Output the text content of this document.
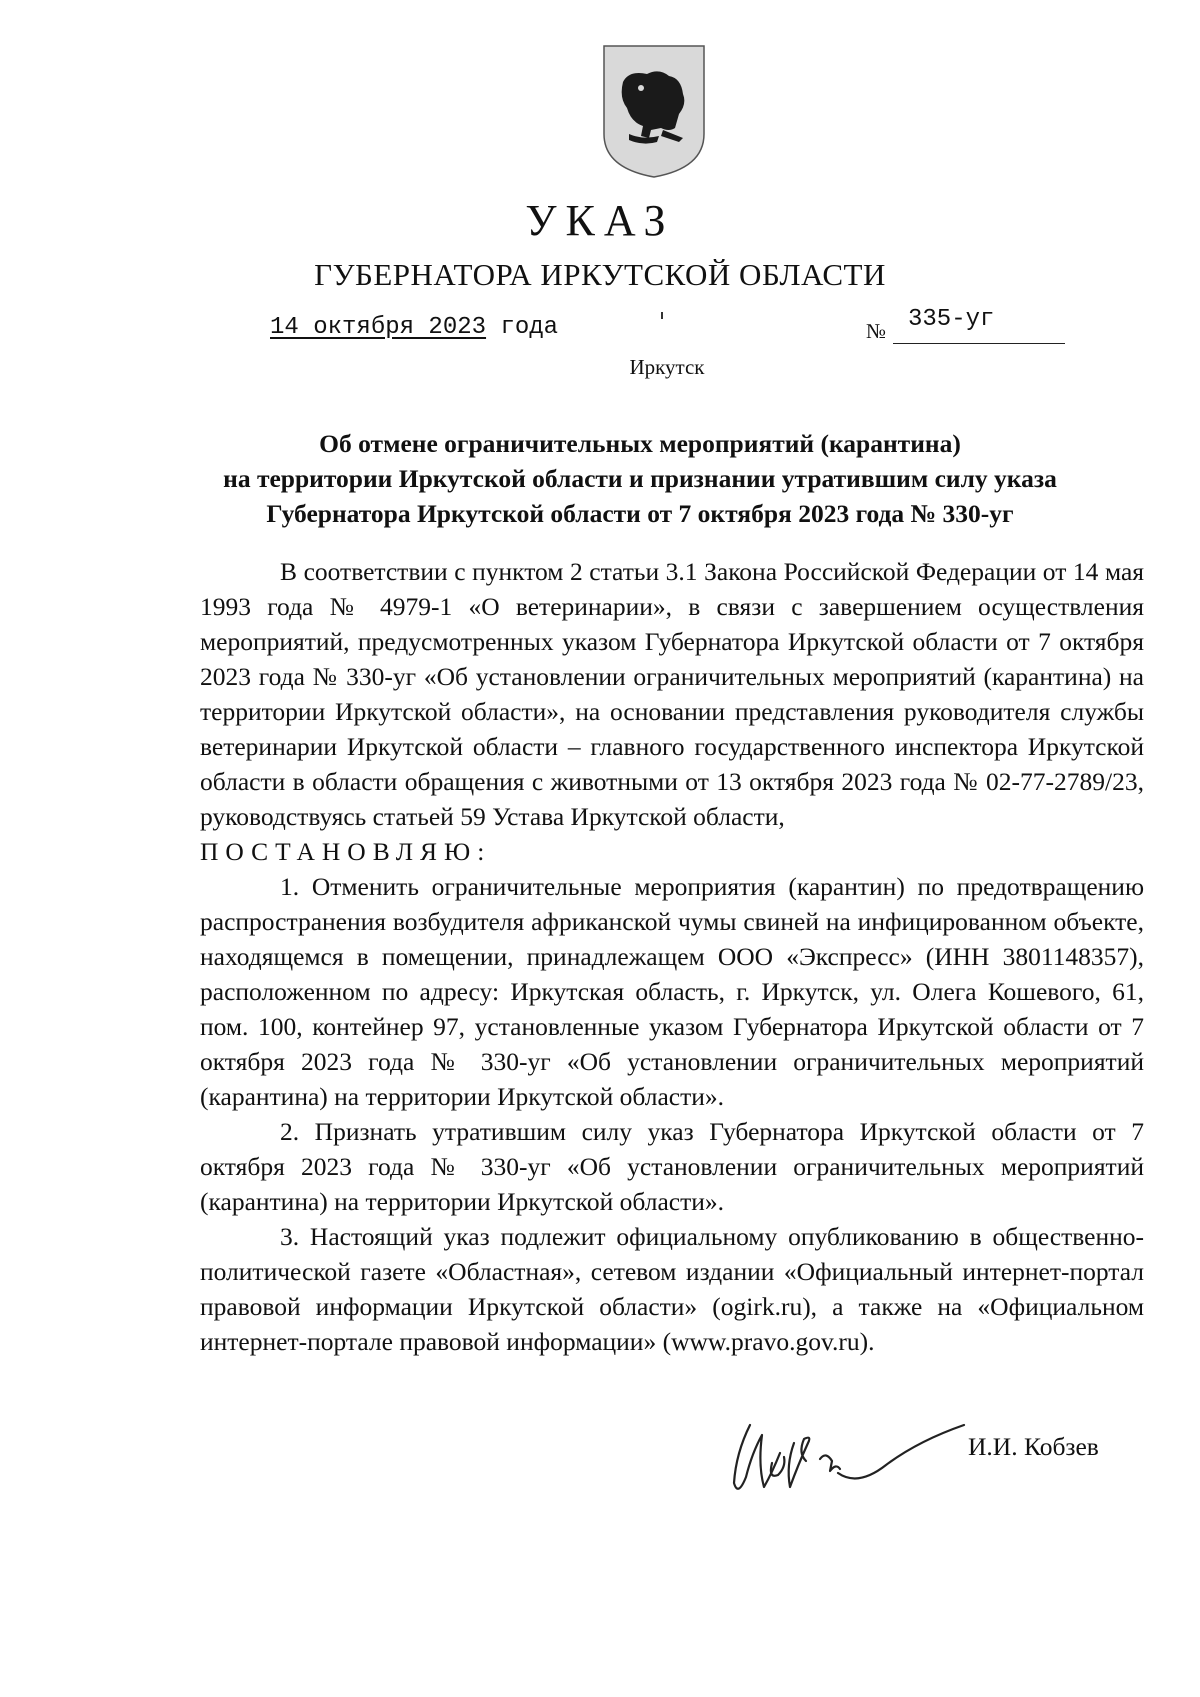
УКАЗ
ГУБЕРНАТОРА ИРКУТСКОЙ ОБЛАСТИ
14 октября 2023 года	№ 335-уг
Иркутск
Об отмене ограничительных мероприятий (карантина)
на территории Иркутской области и признании утратившим силу указа
Губернатора Иркутской области от 7 октября 2023 года № 330-уг

В соответствии с пунктом 2 статьи 3.1 Закона Российской Федерации от 14 мая 1993 года № 4979-1 «О ветеринарии», в связи с завершением осуществления мероприятий, предусмотренных указом Губернатора Иркутской области от 7 октября 2023 года № 330-уг «Об установлении ограничительных мероприятий (карантина) на территории Иркутской области», на основании представления руководителя службы ветеринарии Иркутской области – главного государственного инспектора Иркутской области в области обращения с животными от 13 октября 2023 года № 02-77-2789/23, руководствуясь статьей 59 Устава Иркутской области,

ПОСТАНОВЛЯЮ:

1. Отменить ограничительные мероприятия (карантин) по предотвращению распространения возбудителя африканской чумы свиней на инфицированном объекте, находящемся в помещении, принадлежащем ООО «Экспресс» (ИНН 3801148357), расположенном по адресу: Иркутская область, г. Иркутск, ул. Олега Кошевого, 61, пом. 100, контейнер 97, установленные указом Губернатора Иркутской области от 7 октября 2023 года № 330-уг «Об установлении ограничительных мероприятий (карантина) на территории Иркутской области».

2. Признать утратившим силу указ Губернатора Иркутской области от 7 октября 2023 года № 330-уг «Об установлении ограничительных мероприятий (карантина) на территории Иркутской области».

3. Настоящий указ подлежит официальному опубликованию в общественно-политической газете «Областная», сетевом издании «Официальный интернет-портал правовой информации Иркутской области» (ogirk.ru), а также на «Официальном интернет-портале правовой информации» (www.pravo.gov.ru).

И.И. Кобзев
